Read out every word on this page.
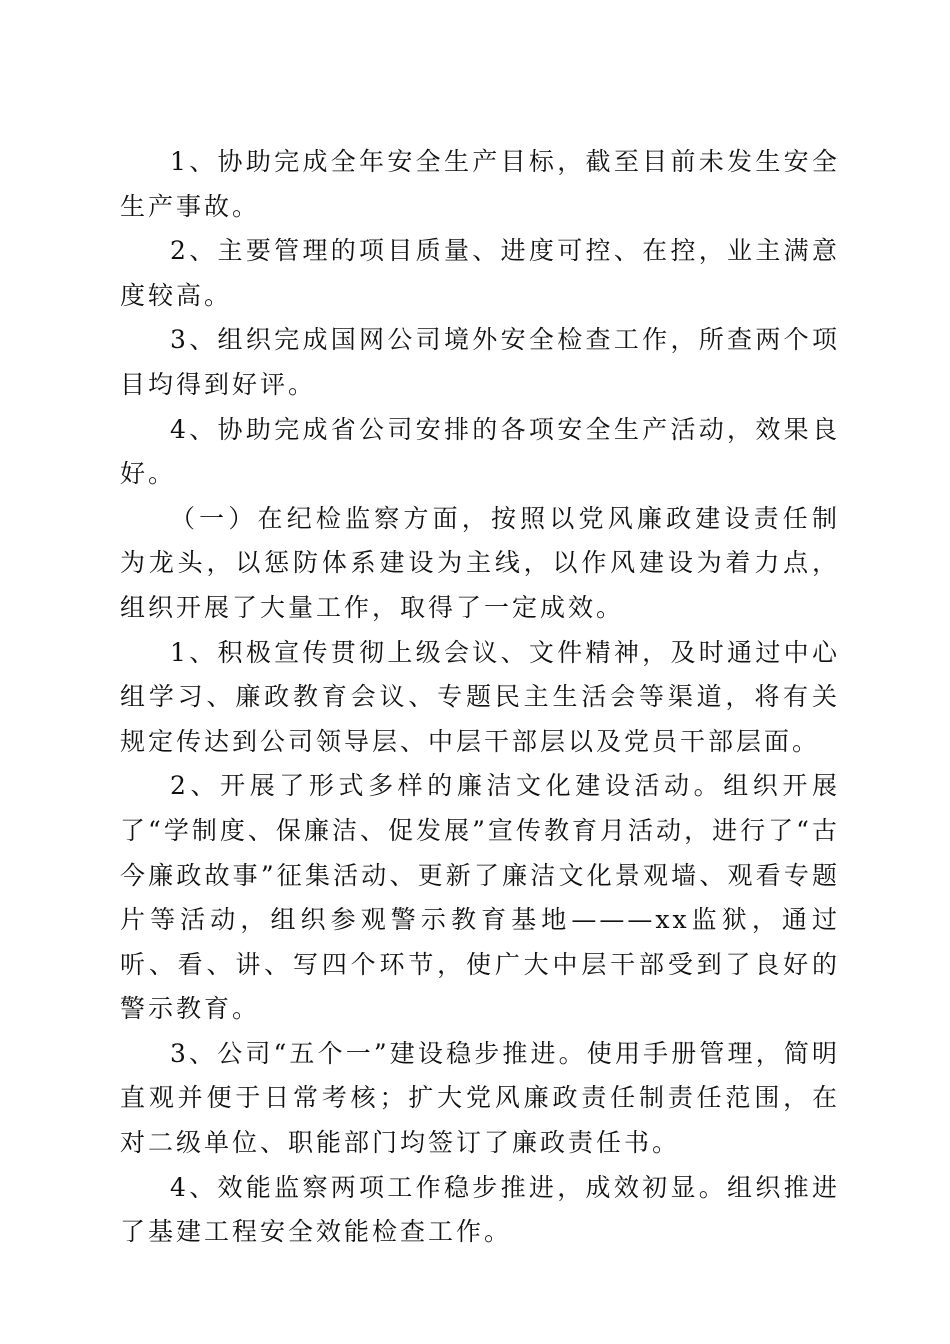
1、协助完成全年安全生产目标，截至目前未发生安全生产事故。

2、主要管理的项目质量、进度可控、在控，业主满意度较高。

3、组织完成国网公司境外安全检查工作，所查两个项目均得到好评。

4、协助完成省公司安排的各项安全生产活动，效果良好。

（一）在纪检监察方面，按照以党风廉政建设责任制为龙头，以惩防体系建设为主线，以作风建设为着力点，组织开展了大量工作，取得了一定成效。

1、积极宣传贯彻上级会议、文件精神，及时通过中心组学习、廉政教育会议、专题民主生活会等渠道，将有关规定传达到公司领导层、中层干部层以及党员干部层面。

2、开展了形式多样的廉洁文化建设活动。组织开展了“学制度、保廉洁、促发展”宣传教育月活动，进行了“古今廉政故事”征集活动、更新了廉洁文化景观墙、观看专题片等活动，组织参观警示教育基地———xx监狱，通过听、看、讲、写四个环节，使广大中层干部受到了良好的警示教育。

3、公司“五个一”建设稳步推进。使用手册管理，简明直观并便于日常考核；扩大党风廉政责任制责任范围，在对二级单位、职能部门均签订了廉政责任书。

4、效能监察两项工作稳步推进，成效初显。组织推进了基建工程安全效能检查工作。
